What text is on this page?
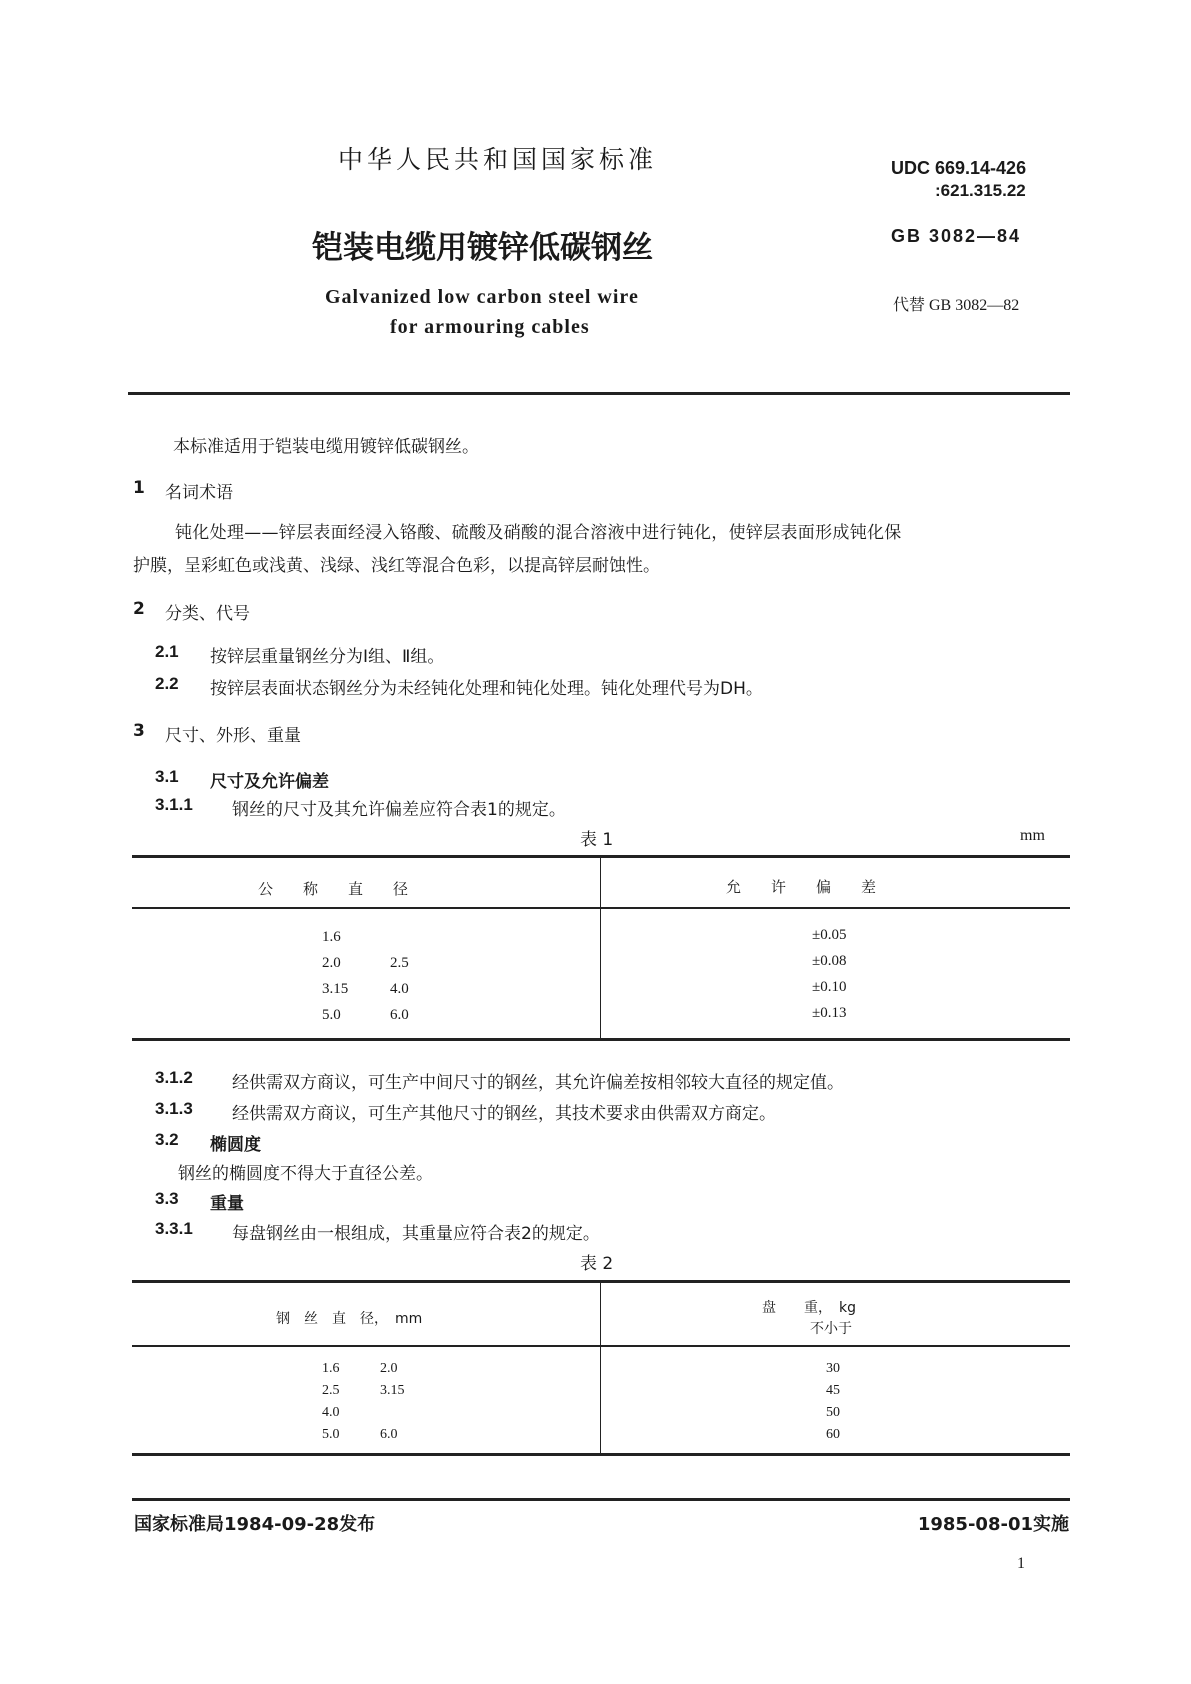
中华人民共和国国家标准	UDC 669.14-426
:621.315.22
铠装电缆用镀锌低碳钢丝	GB 3082—84
Galvanized low carbon steel wire
for armouring cables
代替 GB 3082—82
本标准适用于铠装电缆用镀锌低碳钢丝。
1 名词术语
钝化处理——锌层表面经浸入铬酸、硫酸及硝酸的混合溶液中进行钝化，使锌层表面形成钝化保
护膜，呈彩虹色或浅黄、浅绿、浅红等混合色彩，以提高锌层耐蚀性。
2 分类、代号
2.1 按锌层重量钢丝分为Ⅰ组、Ⅱ组。
2.2 按锌层表面状态钢丝分为未经钝化处理和钝化处理。钝化处理代号为DH。
3 尺寸、外形、重量
3.1 尺寸及允许偏差
3.1.1 钢丝的尺寸及其允许偏差应符合表1的规定。
表 1	mm
公　　称　　直　　径	允　　许　　偏　　差
1.6	±0.05
2.0	2.5	±0.08
3.15	4.0	±0.10
5.0	6.0	±0.13
3.1.2 经供需双方商议，可生产中间尺寸的钢丝，其允许偏差按相邻较大直径的规定值。
3.1.3 经供需双方商议，可生产其他尺寸的钢丝，其技术要求由供需双方商定。
3.2 椭圆度
钢丝的椭圆度不得大于直径公差。
3.3 重量
3.3.1 每盘钢丝由一根组成，其重量应符合表2的规定。
表 2
钢　丝　直　径，　mm
盘　　重，　kg
不小于
1.6	2.0	30
2.5	3.15	45
4.0	50
5.0	6.0	60
国家标准局1984-09-28发布	1985-08-01实施
1
